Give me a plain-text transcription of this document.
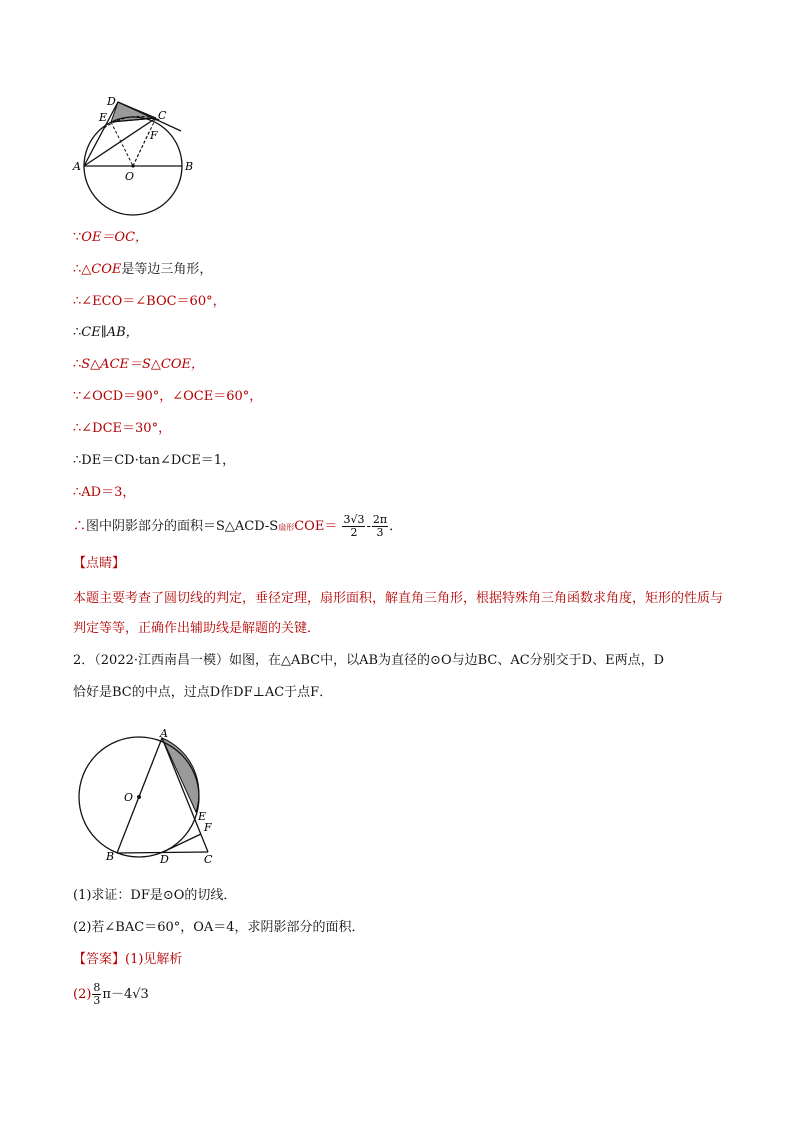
D
E	C
F
A
O
B
∵OE＝OC，
∴△COE是等边三角形，
∴∠ECO＝∠BOC＝60°，
∴CE∥AB，
∴S△ACE＝S△COE，
∵∠OCD＝90°，∠OCE＝60°，
∴∠DCE＝30°，
∴DE＝CD·tan∠DCE＝1，
∴AD＝3，
∴图中阴影部分的面积＝S△ACD-S扇形$COE= \frac{3√3}{2} - \frac{2\pi}{3}$ ．
【点睛】
本题主要考查了圆切线的判定，垂径定理，扇形面积，解直角三角形，根据特殊角三角函数求角度，矩形的性质与判定等等，正确作出辅助线是解题的关键．
2．（2022·江西南昌一模）如图，在△ABC中，以AB为直径的⊙O与边BC、AC分别交于D、E两点，D
恰好是BC的中点，过点D作DF⊥AC于点F．
A
O
E
F
B	D	C
(1)求证：DF是⊙O的切线．
(2)若∠BAC＝60°，OA＝4，求阴影部分的面积．
【答案】(1)见解析
$(2) \frac{8}{3} \pi-4√3$
